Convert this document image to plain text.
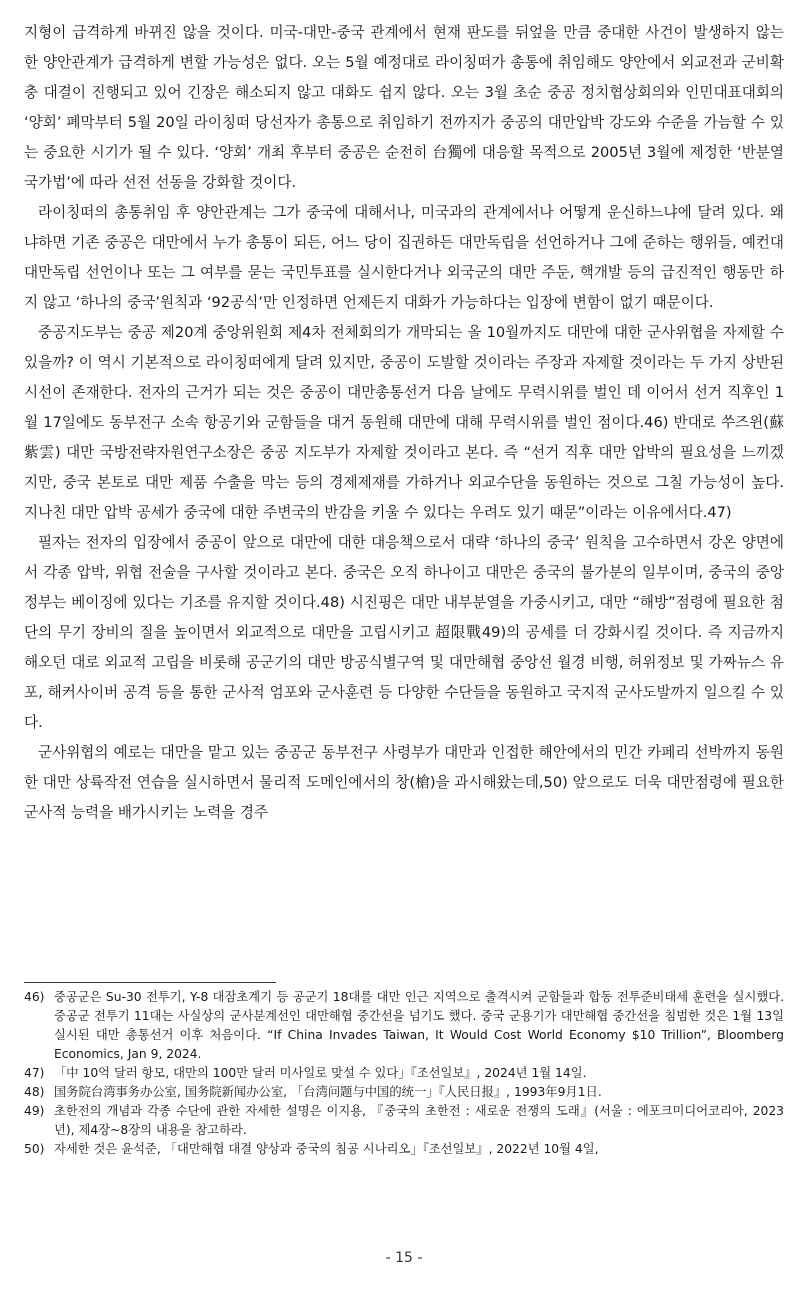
지형이 급격하게 바뀌진 않을 것이다. 미국-대만-중국 관계에서 현재 판도를 뒤엎을 만큼 중대한 사건이 발생하지 않는 한 양안관계가 급격하게 변할 가능성은 없다. 오는 5월 예정대로 라이칭떠가 총통에 취임해도 양안에서 외교전과 군비확충 대결이 진행되고 있어 긴장은 해소되지 않고 대화도 쉽지 않다. 오는 3월 초순 중공 정치협상회의와 인민대표대회의 ‘양회’ 폐막부터 5월 20일 라이칭떠 당선자가 총통으로 취임하기 전까지가 중공의 대만압박 강도와 수준을 가늠할 수 있는 중요한 시기가 될 수 있다. ‘양회’ 개최 후부터 중공은 순전히 台獨에 대응할 목적으로 2005년 3월에 제정한 ‘반분열 국가법’에 따라 선전 선동을 강화할 것이다.

라이칭떠의 총통취임 후 양안관계는 그가 중국에 대해서나, 미국과의 관계에서나 어떻게 운신하느냐에 달려 있다. 왜냐하면 기존 중공은 대만에서 누가 총통이 되든, 어느 당이 집권하든 대만독립을 선언하거나 그에 준하는 행위들, 예컨대 대만독립 선언이나 또는 그 여부를 묻는 국민투표를 실시한다거나 외국군의 대만 주둔, 핵개발 등의 급진적인 행동만 하지 않고 ‘하나의 중국’원칙과 ‘92공식’만 인정하면 언제든지 대화가 가능하다는 입장에 변함이 없기 때문이다.

중공지도부는 중공 제20계 중앙위원회 제4차 전체회의가 개막되는 올 10월까지도 대만에 대한 군사위협을 자제할 수 있을까? 이 역시 기본적으로 라이칭떠에게 달려 있지만, 중공이 도발할 것이라는 주장과 자제할 것이라는 두 가지 상반된 시선이 존재한다. 전자의 근거가 되는 것은 중공이 대만총통선거 다음 날에도 무력시위를 벌인 데 이어서 선거 직후인 1월 17일에도 동부전구 소속 항공기와 군함들을 대거 동원해 대만에 대해 무력시위를 벌인 점이다.46) 반대로 쑤즈윈(蘇紫雲) 대만 국방전략자원연구소장은 중공 지도부가 자제할 것이라고 본다. 즉 “선거 직후 대만 압박의 필요성을 느끼겠지만, 중국 본토로 대만 제품 수출을 막는 등의 경제제재를 가하거나 외교수단을 동원하는 것으로 그칠 가능성이 높다. 지나친 대만 압박 공세가 중국에 대한 주변국의 반감을 키울 수 있다는 우려도 있기 때문”이라는 이유에서다.47)

필자는 전자의 입장에서 중공이 앞으로 대만에 대한 대응책으로서 대략 ‘하나의 중국’ 원칙을 고수하면서 강온 양면에서 각종 압박, 위협 전술을 구사할 것이라고 본다. 중국은 오직 하나이고 대만은 중국의 불가분의 일부이며, 중국의 중앙정부는 베이징에 있다는 기조를 유지할 것이다.48) 시진핑은 대만 내부분열을 가중시키고, 대만 “해방”점령에 필요한 첨단의 무기 장비의 질을 높이면서 외교적으로 대만을 고립시키고 超限戰49)의 공세를 더 강화시킬 것이다. 즉 지금까지 해오던 대로 외교적 고립을 비롯해 공군기의 대만 방공식별구역 및 대만해협 중앙선 월경 비행, 허위정보 및 가짜뉴스 유포, 해커사이버 공격 등을 통한 군사적 엄포와 군사훈련 등 다양한 수단들을 동원하고 국지적 군사도발까지 일으킬 수 있다.

군사위협의 예로는 대만을 맡고 있는 중공군 동부전구 사령부가 대만과 인접한 해안에서의 민간 카페리 선박까지 동원한 대만 상륙작전 연습을 실시하면서 물리적 도메인에서의 창(槍)을 과시해왔는데,50) 앞으로도 더욱 대만점령에 필요한 군사적 능력을 배가시키는 노력을 경주

46) 중공군은 Su-30 전투기, Y-8 대잠초계기 등 공군기 18대를 대만 인근 지역으로 출격시켜 군함들과 합동 전투준비태세 훈련을 실시했다. 중공군 전투기 11대는 사실상의 군사분계선인 대만해협 중간선을 넘기도 했다. 중국 군용기가 대만해협 중간선을 침범한 것은 1월 13일 실시된 대만 총통선거 이후 처음이다. “If China Invades Taiwan, It Would Cost World Economy $10 Trillion”, Bloomberg Economics, Jan 9, 2024.
47) 「中 10억 달러 항모, 대만의 100만 달러 미사일로 맞설 수 있다」『조선일보』, 2024년 1월 14일.
48) 国务院台湾事务办公室, 国务院新闻办公室, 「台湾问题与中国的统一」『人民日报』, 1993年9月1日.
49) 초한전의 개념과 각종 수단에 관한 자세한 설명은 이지용, 『중국의 초한전 : 새로운 전쟁의 도래』(서울 : 에포크미디어코리아, 2023년), 제4장~8장의 내용을 참고하라.
50) 자세한 것은 윤석준, 「대만해협 대결 양상과 중국의 침공 시나리오」『조선일보』, 2022년 10월 4일,
- 15 -
